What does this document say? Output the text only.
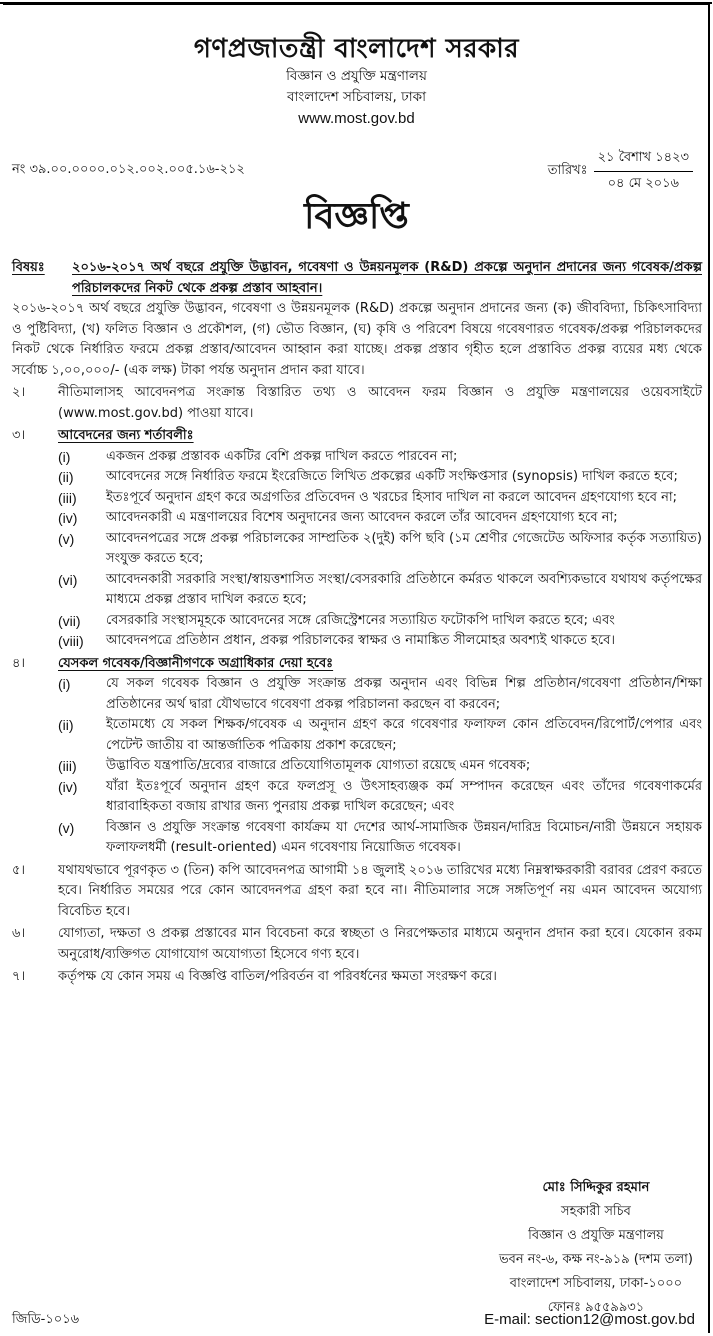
গণপ্রজাতন্ত্রী বাংলাদেশ সরকার
বিজ্ঞান ও প্রযুক্তি মন্ত্রণালয়
বাংলাদেশ সচিবালয়, ঢাকা
www.most.gov.bd
নং ৩৯.০০.০০০০.০১২.০০২.০০৫.১৬-২১২	তারিখঃ
২১ বৈশাখ ১৪২৩
০৪ মে ২০১৬
বিজ্ঞপ্তি
বিষয়ঃ	২০১৬-২০১৭ অর্থ বছরে প্রযুক্তি উদ্ভাবন, গবেষণা ও উন্নয়নমূলক (R&D) প্রকল্পে অনুদান প্রদানের জন্য গবেষক/প্রকল্প পরিচালকদের নিকট থেকে প্রকল্প প্রস্তাব আহবান।
২০১৬-২০১৭ অর্থ বছরে প্রযুক্তি উদ্ভাবন, গবেষণা ও উন্নয়নমূলক (R&D) প্রকল্পে অনুদান প্রদানের জন্য (ক) জীববিদ্যা, চিকিৎসাবিদ্যা ও পুষ্টিবিদ্যা, (খ) ফলিত বিজ্ঞান ও প্রকৌশল, (গ) ভৌত বিজ্ঞান, (ঘ) কৃষি ও পরিবেশ বিষয়ে গবেষণারত গবেষক/প্রকল্প পরিচালকদের নিকট থেকে নির্ধারিত ফরমে প্রকল্প প্রস্তাব/আবেদন আহ্বান করা যাচ্ছে। প্রকল্প প্রস্তাব গৃহীত হলে প্রস্তাবিত প্রকল্প ব্যয়ের মধ্য থেকে সর্বোচ্চ ১,০০,০০০/- (এক লক্ষ) টাকা পর্যন্ত অনুদান প্রদান করা যাবে।
২।	নীতিমালাসহ আবেদনপত্র সংক্রান্ত বিস্তারিত তথ্য ও আবেদন ফরম বিজ্ঞান ও প্রযুক্তি মন্ত্রণালয়ের ওয়েবসাইটে (www.most.gov.bd) পাওয়া যাবে।
৩।	আবেদনের জন্য শর্তাবলীঃ
(i)	একজন প্রকল্প প্রস্তাবক একটির বেশি প্রকল্প দাখিল করতে পারবেন না;
(ii)	আবেদনের সঙ্গে নির্ধারিত ফরমে ইংরেজিতে লিখিত প্রকল্পের একটি সংক্ষিপ্তসার (synopsis) দাখিল করতে হবে;
(iii)	ইতঃপূর্বে অনুদান গ্রহণ করে অগ্রগতির প্রতিবেদন ও খরচের হিসাব দাখিল না করলে আবেদন গ্রহণযোগ্য হবে না;
(iv)	আবেদনকারী এ মন্ত্রণালয়ের বিশেষ অনুদানের জন্য আবেদন করলে তাঁর আবেদন গ্রহণযোগ্য হবে না;
(v)	আবেদনপত্রের সঙ্গে প্রকল্প পরিচালকের সাম্প্রতিক ২(দুই) কপি ছবি (১ম শ্রেণীর গেজেটেড অফিসার কর্তৃক সত্যায়িত) সংযুক্ত করতে হবে;
(vi)	আবেদনকারী সরকারি সংস্থা/স্বায়ত্তশাসিত সংস্থা/বেসরকারি প্রতিষ্ঠানে কর্মরত থাকলে অবশ্যিকভাবে যথাযথ কর্তৃপক্ষের মাধ্যমে প্রকল্প প্রস্তাব দাখিল করতে হবে;
(vii)	বেসরকারি সংস্থাসমূহকে আবেদনের সঙ্গে রেজিস্ট্রেশনের সত্যায়িত ফটোকপি দাখিল করতে হবে; এবং
(viii)	আবেদনপত্রে প্রতিষ্ঠান প্রধান, প্রকল্প পরিচালকের স্বাক্ষর ও নামাঙ্কিত সীলমোহর অবশ্যই থাকতে হবে।
৪।	যেসকল গবেষক/বিজ্ঞানীগণকে অগ্রাধিকার দেয়া হবেঃ
(i)	যে সকল গবেষক বিজ্ঞান ও প্রযুক্তি সংক্রান্ত প্রকল্প অনুদান এবং বিভিন্ন শিল্প প্রতিষ্ঠান/গবেষণা প্রতিষ্ঠান/শিক্ষা প্রতিষ্ঠানের অর্থ দ্বারা যৌথভাবে গবেষণা প্রকল্প পরিচালনা করছেন বা করবেন;
(ii)	ইতোমধ্যে যে সকল শিক্ষক/গবেষক এ অনুদান গ্রহণ করে গবেষণার ফলাফল কোন প্রতিবেদন/রিপোর্ট/পেপার এবং পেটেন্ট জাতীয় বা আন্তর্জাতিক পত্রিকায় প্রকাশ করেছেন;
(iii)	উদ্ভাবিত যন্ত্রপাতি/দ্রব্যের বাজারে প্রতিযোগিতামূলক যোগ্যতা রয়েছে এমন গবেষক;
(iv)	যাঁরা ইতঃপূর্বে অনুদান গ্রহণ করে ফলপ্রসূ ও উৎসাহব্যঞ্জক কর্ম সম্পাদন করেছেন এবং তাঁদের গবেষণাকর্মের ধারাবাহিকতা বজায় রাখার জন্য পুনরায় প্রকল্প দাখিল করেছেন; এবং
(v)	বিজ্ঞান ও প্রযুক্তি সংক্রান্ত গবেষণা কার্যক্রম যা দেশের আর্থ-সামাজিক উন্নয়ন/দারিদ্র বিমোচন/নারী উন্নয়নে সহায়ক ফলাফলধর্মী (result-oriented) এমন গবেষণায় নিয়োজিত গবেষক।
৫।	যথাযথভাবে পূরণকৃত ৩ (তিন) কপি আবেদনপত্র আগামী ১৪ জুলাই ২০১৬ তারিখের মধ্যে নিম্নস্বাক্ষরকারী বরাবর প্রেরণ করতে হবে। নির্ধারিত সময়ের পরে কোন আবেদনপত্র গ্রহণ করা হবে না। নীতিমালার সঙ্গে সঙ্গতিপূর্ণ নয় এমন আবেদন অযোগ্য বিবেচিত হবে।
৬।	যোগ্যতা, দক্ষতা ও প্রকল্প প্রস্তাবের মান বিবেচনা করে স্বচ্ছতা ও নিরপেক্ষতার মাধ্যমে অনুদান প্রদান করা হবে। যেকোন রকম অনুরোধ/ব্যক্তিগত যোগাযোগ অযোগ্যতা হিসেবে গণ্য হবে।
৭।	কর্তৃপক্ষ যে কোন সময় এ বিজ্ঞপ্তি বাতিল/পরিবর্তন বা পরিবর্ধনের ক্ষমতা সংরক্ষণ করে।
মোঃ সিদ্দিকুর রহমান
সহকারী সচিব
বিজ্ঞান ও প্রযুক্তি মন্ত্রণালয়
ভবন নং-৬, কক্ষ নং-৯১৯ (দশম তলা)
বাংলাদেশ সচিবালয়, ঢাকা-১০০০
ফোনঃ ৯৫৫৯৯৩১
জিডি-১০১৬	E-mail: section12@most.gov.bd
